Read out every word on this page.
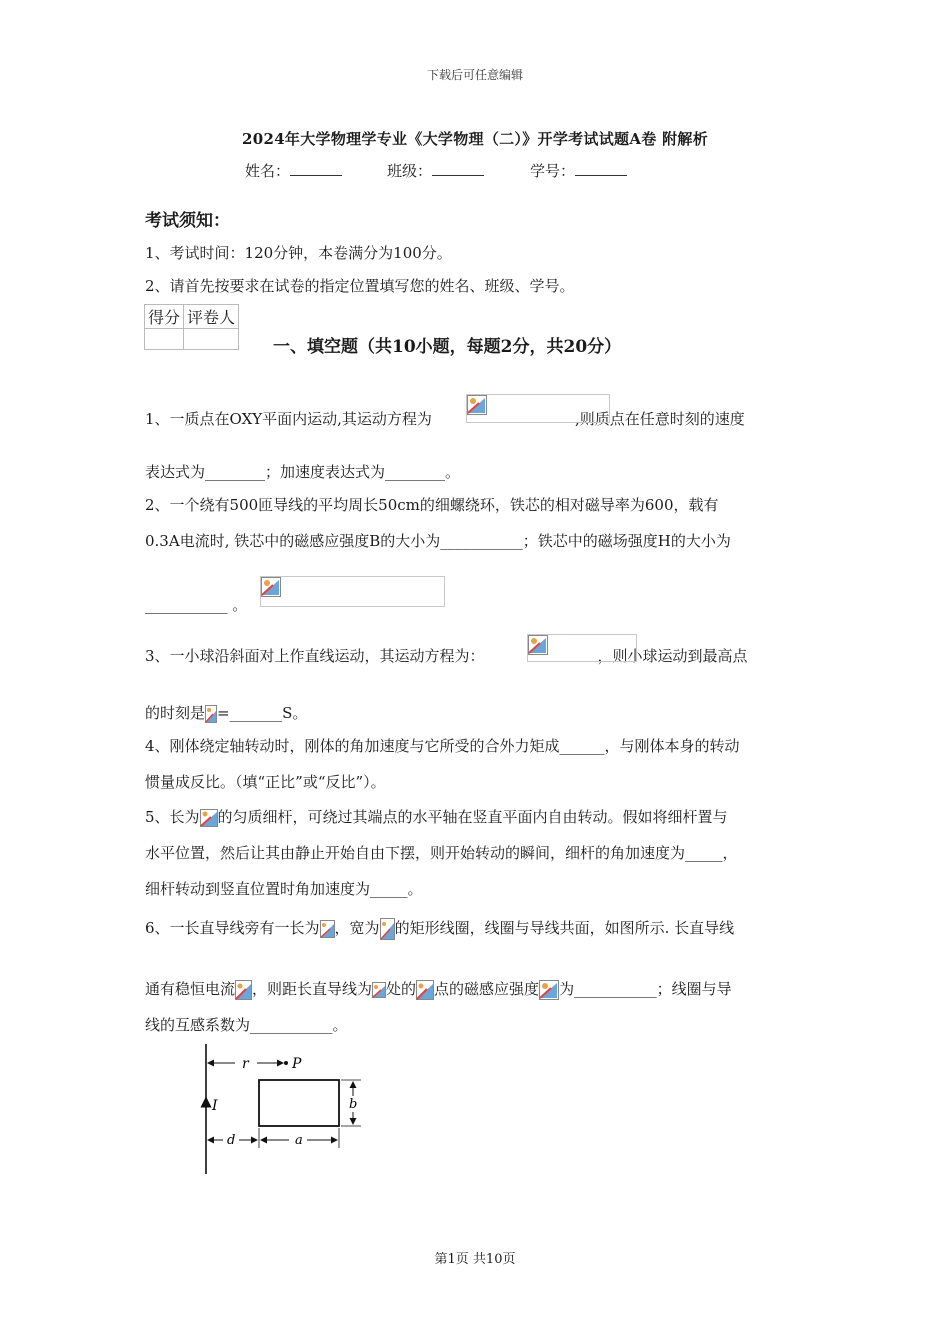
下载后可任意编辑
2024年大学物理学专业《大学物理（二）》开学考试试题A卷 附解析
姓名：	班级：	学号：
考试须知：
1、考试时间：120分钟，本卷满分为100分。
2、请首先按要求在试卷的指定位置填写您的姓名、班级、学号。
得分	评卷人

一、填空题（共10小题，每题2分，共20分）
1、一质点在OXY平面内运动,其运动方程为	,则质点在任意时刻的速度
表达式为________；加速度表达式为________。
2、一个绕有500匝导线的平均周长50cm的细螺绕环，铁芯的相对磁导率为600，载有
0.3A电流时, 铁芯中的磁感应强度B的大小为___________；铁芯中的磁场强度H的大小为
___________ 。
3、一小球沿斜面对上作直线运动，其运动方程为：	，则小球运动到最高点
的时刻是 =_______S。
4、刚体绕定轴转动时，刚体的角加速度与它所受的合外力矩成______，与刚体本身的转动
惯量成反比。（填“正比”或“反比”）。
5、长为 的匀质细杆，可绕过其端点的水平轴在竖直平面内自由转动。假如将细杆置与
水平位置，然后让其由静止开始自由下摆，则开始转动的瞬间，细杆的角加速度为_____，
细杆转动到竖直位置时角加速度为_____。
6、一长直导线旁有一长为 ，宽为 的矩形线圈，线圈与导线共面，如图所示. 长直导线
通有稳恒电流 ，则距长直导线为 处的 点的磁感应强度 为___________；线圈与导
线的互感系数为___________。
I
r	P
b
d	a
第1页 共10页
